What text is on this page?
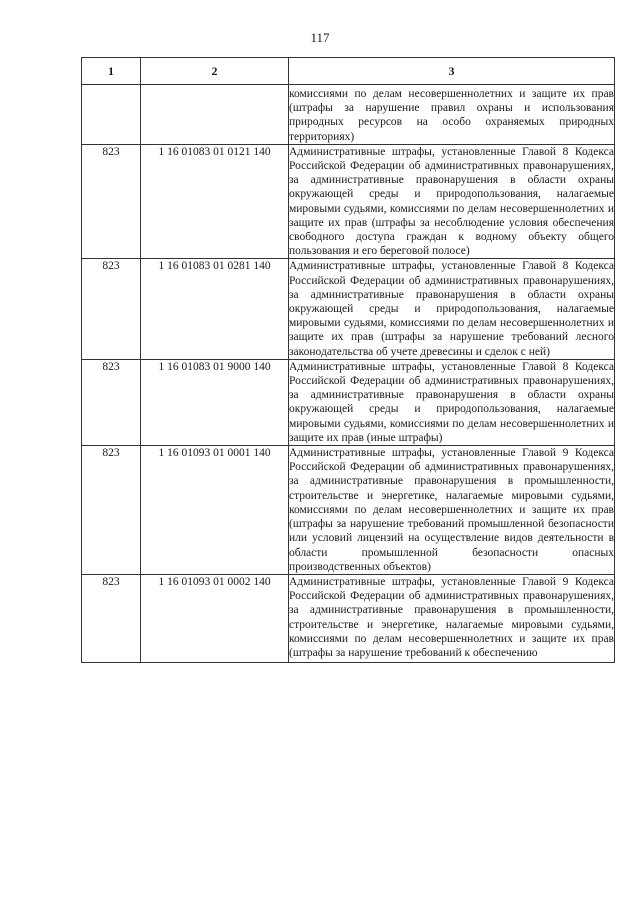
117
1	2	3

		комиссиями по делам несовершеннолетних и защите их прав (штрафы за нарушение правил охраны и использования природных ресурсов на особо охраняемых природных территориях)

823	1 16 01083 01 0121 140	Административные штрафы, установленные Главой 8 Кодекса Российской Федерации об административных правонарушениях, за административные правонарушения в области охраны окружающей среды и природопользования, налагаемые мировыми судьями, комиссиями по делам несовершеннолетних и защите их прав (штрафы за несоблюдение условия обеспечения свободного доступа граждан к водному объекту общего пользования и его береговой полосе)

823	1 16 01083 01 0281 140	Административные штрафы, установленные Главой 8 Кодекса Российской Федерации об административных правонарушениях, за административные правонарушения в области охраны окружающей среды и природопользования, налагаемые мировыми судьями, комиссиями по делам несовершеннолетних и защите их прав (штрафы за нарушение требований лесного законодательства об учете древесины и сделок с ней)

823	1 16 01083 01 9000 140	Административные штрафы, установленные Главой 8 Кодекса Российской Федерации об административных правонарушениях, за административные правонарушения в области охраны окружающей среды и природопользования, налагаемые мировыми судьями, комиссиями по делам несовершеннолетних и защите их прав (иные штрафы)

823	1 16 01093 01 0001 140	Административные штрафы, установленные Главой 9 Кодекса Российской Федерации об административных правонарушениях, за административные правонарушения в промышленности, строительстве и энергетике, налагаемые мировыми судьями, комиссиями по делам несовершеннолетних и защите их прав (штрафы за нарушение требований промышленной безопасности или условий лицензий на осуществление видов деятельности в области промышленной безопасности опасных производственных объектов)

823	1 16 01093 01 0002 140	Административные штрафы, установленные Главой 9 Кодекса Российской Федерации об административных правонарушениях, за административные правонарушения в промышленности, строительстве и энергетике, налагаемые мировыми судьями, комиссиями по делам несовершеннолетних и защите их прав (штрафы за нарушение требований к обеспечению
